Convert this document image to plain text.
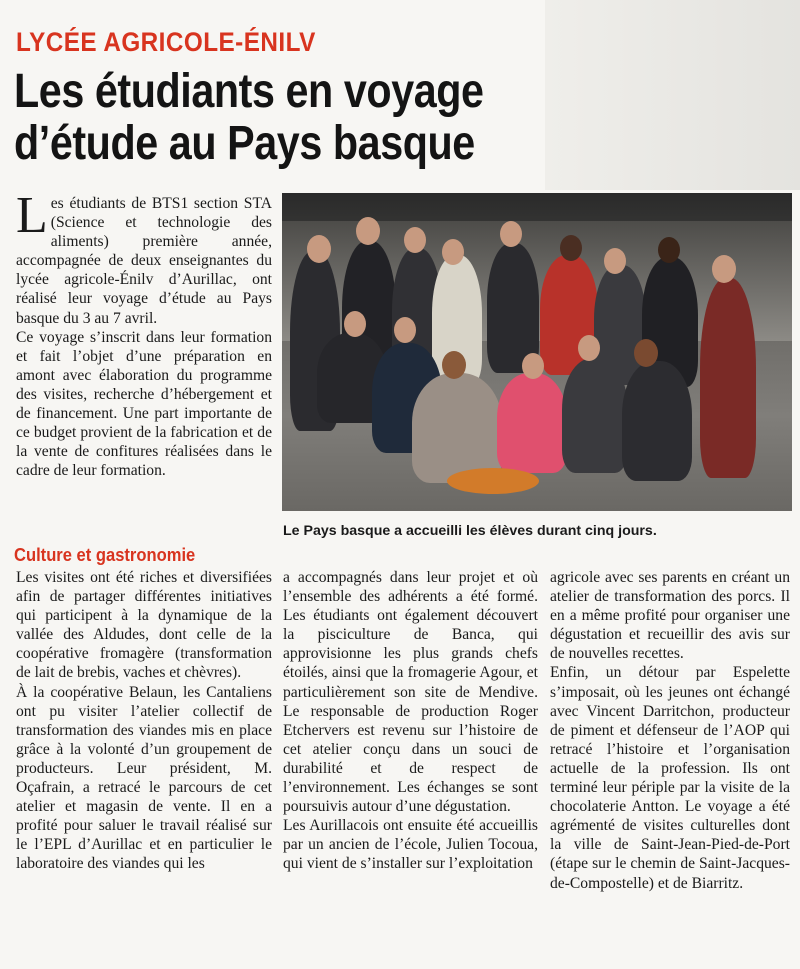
LYCÉE AGRICOLE-ÉNILV
Les étudiants en voyage
d’étude au Pays basque

Les étudiants de BTS1 section STA (Science et technologie des aliments) première année, accompagnée de deux enseignantes du lycée agricole-Énilv d’Aurillac, ont réalisé leur voyage d’étude au Pays basque du 3 au 7 avril.

Ce voyage s’inscrit dans leur formation et fait l’objet d’une préparation en amont avec élaboration du programme des visites, recherche d’hébergement et de financement. Une part importante de ce budget provient de la fabrication et de la vente de confitures réalisées dans le cadre de leur formation.

Le Pays basque a accueilli les élèves durant cinq jours.
Culture et gastronomie

Les visites ont été riches et diversifiées afin de partager différentes initiatives qui participent à la dynamique de la vallée des Aldudes, dont celle de la coopérative fromagère (transformation de lait de brebis, vaches et chèvres).

À la coopérative Belaun, les Cantaliens ont pu visiter l’atelier collectif de transformation des viandes mis en place grâce à la volonté d’un groupement de producteurs. Leur président, M. Oçafrain, a retracé le parcours de cet atelier et magasin de vente. Il en a profité pour saluer le travail réalisé sur le l’EPL d’Aurillac et en particulier le laboratoire des viandes qui les

a accompagnés dans leur projet et où l’ensemble des adhérents a été formé. Les étudiants ont également découvert la pisciculture de Banca, qui approvisionne les plus grands chefs étoilés, ainsi que la fromagerie Agour, et particulièrement son site de Mendive. Le responsable de production Roger Etchervers est revenu sur l’histoire de cet atelier conçu dans un souci de durabilité et de respect de l’environnement. Les échanges se sont poursuivis autour d’une dégustation.

Les Aurillacois ont ensuite été accueillis par un ancien de l’école, Julien Tocoua, qui vient de s’installer sur l’exploitation

agricole avec ses parents en créant un atelier de transformation des porcs. Il en a même profité pour organiser une dégustation et recueillir des avis sur de nouvelles recettes.

Enfin, un détour par Espelette s’imposait, où les jeunes ont échangé avec Vincent Darritchon, producteur de piment et défenseur de l’AOP qui retracé l’histoire et l’organisation actuelle de la profession. Ils ont terminé leur périple par la visite de la chocolaterie Antton. Le voyage a été agrémenté de visites culturelles dont la ville de Saint-Jean-Pied-de-Port (étape sur le chemin de Saint-Jacques-de-Compostelle) et de Biarritz.
